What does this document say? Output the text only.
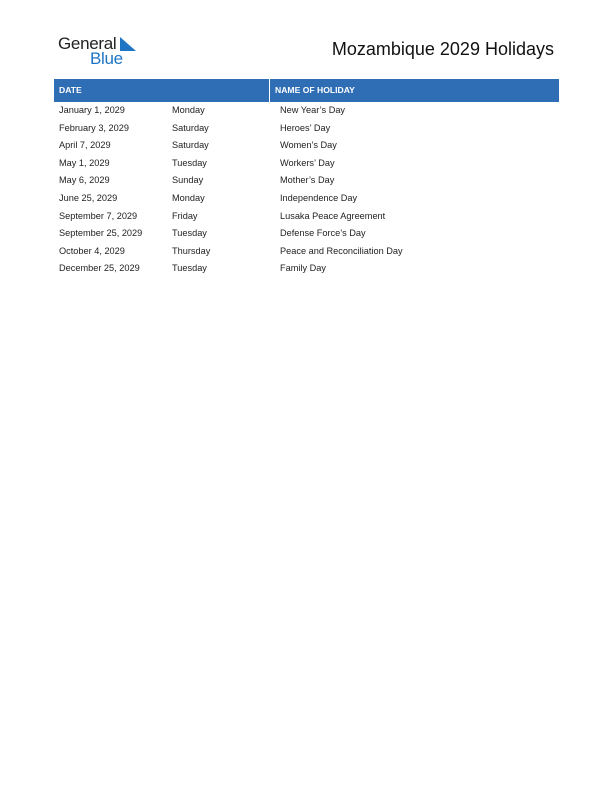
General
Blue	Mozambique 2029 Holidays
DATE	NAME OF HOLIDAY
January 1, 2029	Monday	New Year’s Day
February 3, 2029	Saturday	Heroes’ Day
April 7, 2029	Saturday	Women’s Day
May 1, 2029	Tuesday	Workers’ Day
May 6, 2029	Sunday	Mother’s Day
June 25, 2029	Monday	Independence Day
September 7, 2029	Friday	Lusaka Peace Agreement
September 25, 2029	Tuesday	Defense Force’s Day
October 4, 2029	Thursday	Peace and Reconciliation Day
December 25, 2029	Tuesday	Family Day
